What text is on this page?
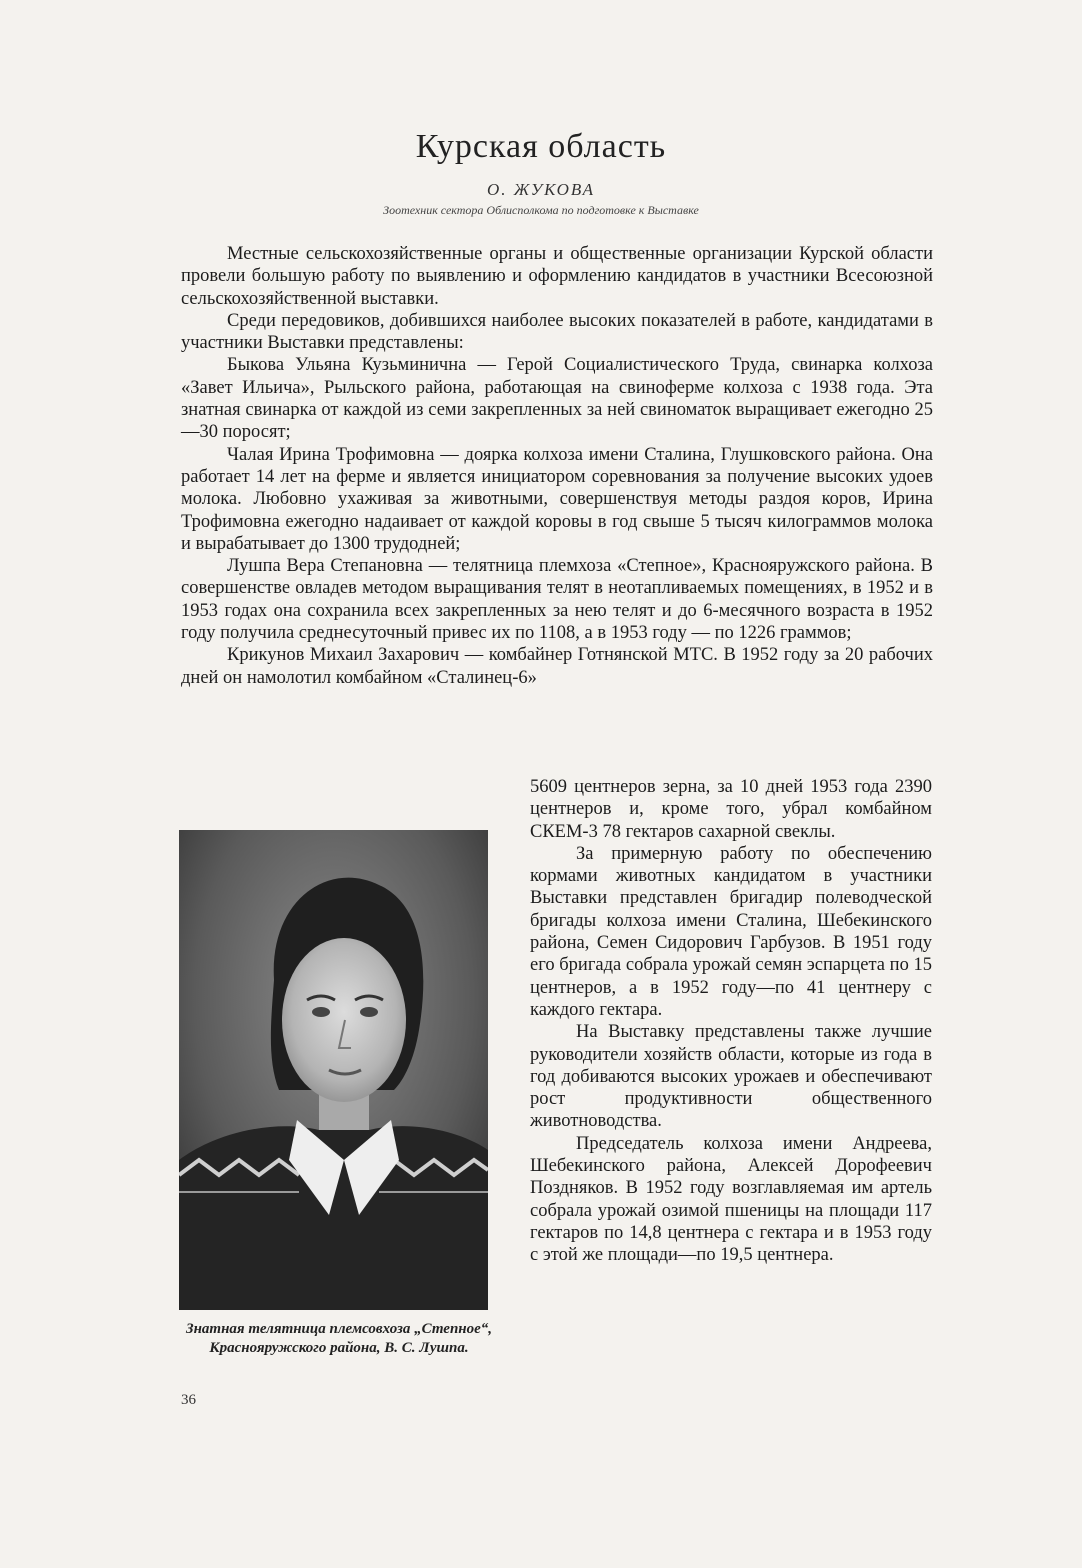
Курская область
О. ЖУКОВА
Зоотехник сектора Облисполкома по подготовке к Выставке

Местные сельскохозяйственные органы и общественные организации Курской области провели большую работу по выявлению и оформлению кандидатов в участники Всесоюзной сельскохозяйственной выставки.

Среди передовиков, добившихся наиболее высоких показателей в работе, кандидатами в участники Выставки представлены:

Быкова Ульяна Кузьминична — Герой Социалистического Труда, свинарка колхоза «Завет Ильича», Рыльского района, работающая на свиноферме колхоза с 1938 года. Эта знатная свинарка от каждой из семи закрепленных за ней свиноматок выращивает ежегодно 25—30 поросят;

Чалая Ирина Трофимовна — доярка колхоза имени Сталина, Глушковского района. Она работает 14 лет на ферме и является инициатором соревнования за получение высоких удоев молока. Любовно ухаживая за животными, совершенствуя методы раздоя коров, Ирина Трофимовна ежегодно надаивает от каждой коровы в год свыше 5 тысяч килограммов молока и вырабатывает до 1300 трудодней;

Лушпа Вера Степановна — телятница племхоза «Степное», Краснояружского района. В совершенстве овладев методом выращивания телят в неотапливаемых помещениях, в 1952 и в 1953 годах она сохранила всех закрепленных за нею телят и до 6-месячного возраста в 1952 году получила среднесуточный привес их по 1108, а в 1953 году — по 1226 граммов;

Крикунов Михаил Захарович — комбайнер Готнянской МТС. В 1952 году за 20 рабочих дней он намолотил комбайном «Сталинец-6»

Знатная телятница племсовхоза „Степное“, Краснояружского района, В. С. Лушпа.

5609 центнеров зерна, за 10 дней 1953 года 2390 центнеров и, кроме того, убрал комбайном СКЕМ-3 78 гектаров сахарной свеклы.

За примерную работу по обеспечению кормами животных кандидатом в участники Выставки представлен бригадир полеводческой бригады колхоза имени Сталина, Шебекинского района, Семен Сидорович Гарбузов. В 1951 году его бригада собрала урожай семян эспарцета по 15 центнеров, а в 1952 году—по 41 центнеру с каждого гектара.

На Выставку представлены также лучшие руководители хозяйств области, которые из года в год добиваются высоких урожаев и обеспечивают рост продуктивности общественного животноводства.

Председатель колхоза имени Андреева, Шебекинского района, Алексей Дорофеевич Поздняков. В 1952 году возглавляемая им артель собрала урожай озимой пшеницы на площади 117 гектаров по 14,8 центнера с гектара и в 1953 году с этой же площади—по 19,5 центнера.

36
